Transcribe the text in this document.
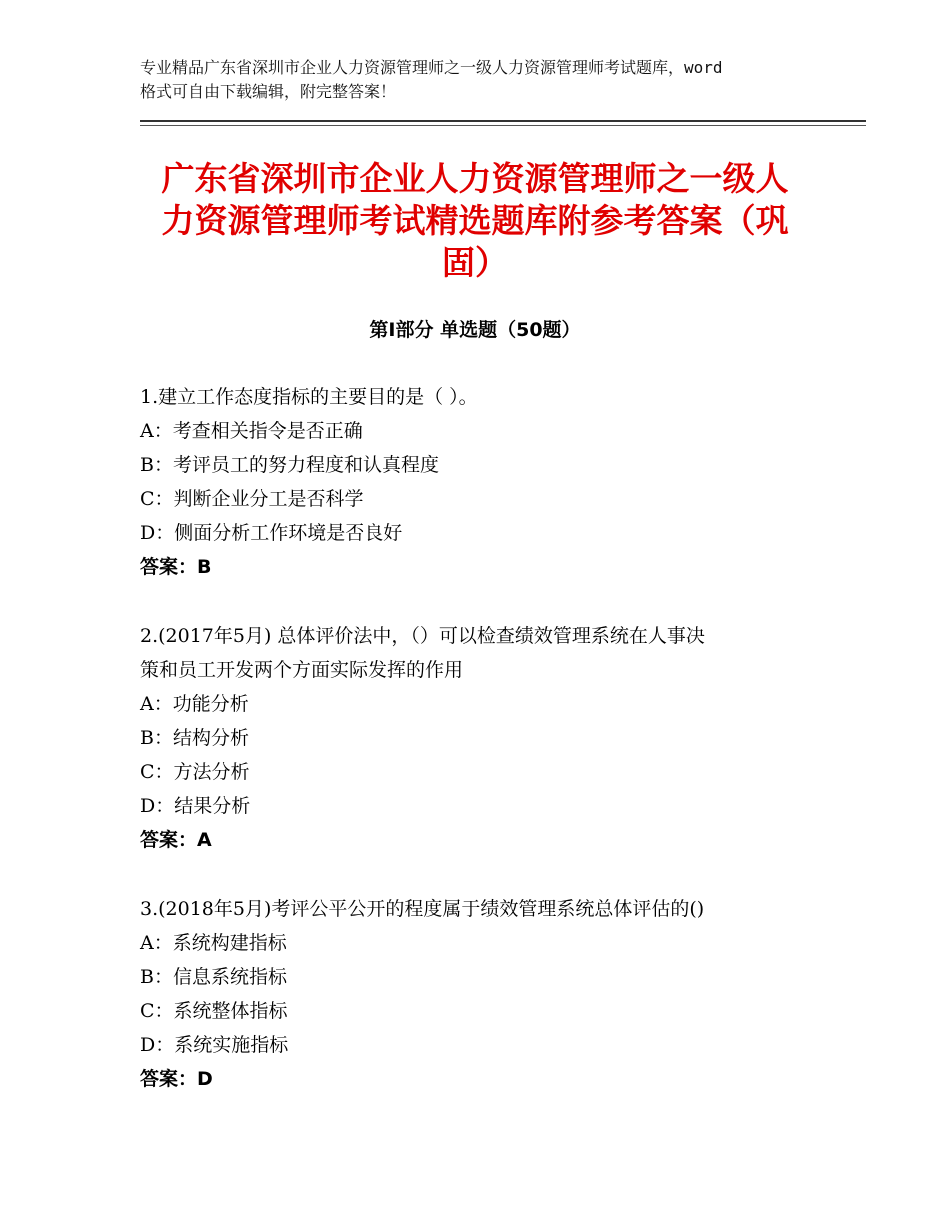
专业精品广东省深圳市企业人力资源管理师之一级人力资源管理师考试题库，word
格式可自由下载编辑，附完整答案！
广东省深圳市企业人力资源管理师之一级人
力资源管理师考试精选题库附参考答案（巩
固）
第Ⅰ部分 单选题（50题）
1.建立工作态度指标的主要目的是（ ）。
A：考查相关指令是否正确
B：考评员工的努力程度和认真程度
C：判断企业分工是否科学
D：侧面分析工作环境是否良好
答案：B
2.(2017年5月) 总体评价法中，（）可以检查绩效管理系统在人事决
策和员工开发两个方面实际发挥的作用
A：功能分析
B：结构分析
C：方法分析
D：结果分析
答案：A
3.(2018年5月)考评公平公开的程度属于绩效管理系统总体评估的()
A：系统构建指标
B：信息系统指标
C：系统整体指标
D：系统实施指标
答案：D
